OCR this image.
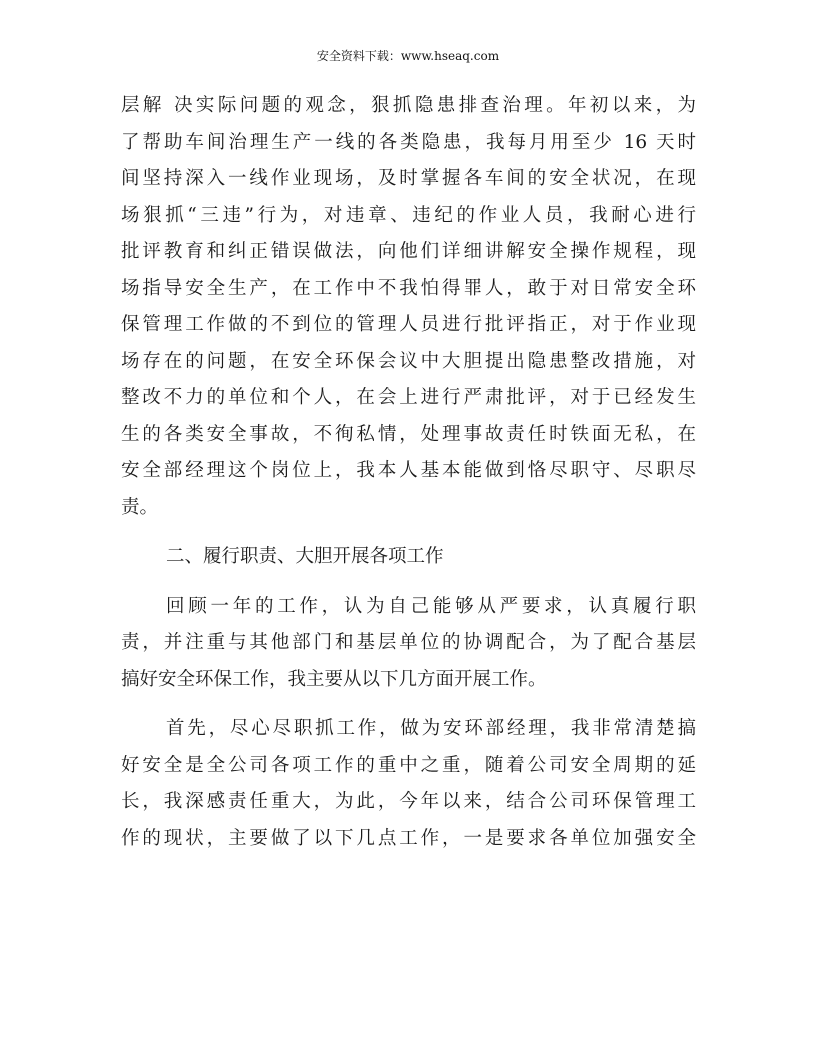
安全资料下载：www.hseaq.com
层解 决实际问题的观念，狠抓隐患排查治理。年初以来，为
了帮助车间治理生产一线的各类隐患，我每月用至少 16 天时
间坚持深入一线作业现场，及时掌握各车间的安全状况，在现
场狠抓“三违”行为，对违章、违纪的作业人员，我耐心进行
批评教育和纠正错误做法，向他们详细讲解安全操作规程，现
场指导安全生产，在工作中不我怕得罪人，敢于对日常安全环
保管理工作做的不到位的管理人员进行批评指正，对于作业现
场存在的问题，在安全环保会议中大胆提出隐患整改措施，对
整改不力的单位和个人，在会上进行严肃批评，对于已经发生
生的各类安全事故，不徇私情，处理事故责任时铁面无私，在
安全部经理这个岗位上，我本人基本能做到恪尽职守、尽职尽
责。
二、履行职责、大胆开展各项工作
回顾一年的工作，认为自己能够从严要求，认真履行职
责，并注重与其他部门和基层单位的协调配合，为了配合基层
搞好安全环保工作，我主要从以下几方面开展工作。
首先，尽心尽职抓工作，做为安环部经理，我非常清楚搞
好安全是全公司各项工作的重中之重，随着公司安全周期的延
长，我深感责任重大，为此，今年以来，结合公司环保管理工
作的现状，主要做了以下几点工作，一是要求各单位加强安全
